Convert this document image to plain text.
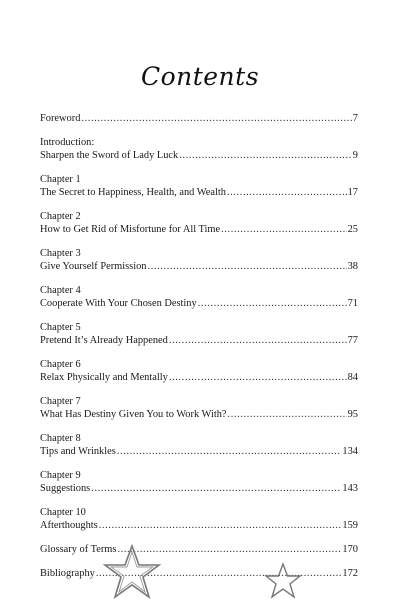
Contents
Foreword .....	7
Introduction:
Sharpen the Sword of Lady Luck .....	9
Chapter 1
The Secret to Happiness, Health, and Wealth .....	17
Chapter 2
How to Get Rid of Misfortune for All Time .....	25
Chapter 3
Give Yourself Permission .....	38
Chapter 4
Cooperate With Your Chosen Destiny .....	71
Chapter 5
Pretend It’s Already Happened .....	77
Chapter 6
Relax Physically and Mentally .....	84
Chapter 7
What Has Destiny Given You to Work With? .....	95
Chapter 8
Tips and Wrinkles .....	134
Chapter 9
Suggestions .....	143
Chapter 10
Afterthoughts .....	159
Glossary of Terms .....	170
Bibliography .....	172
